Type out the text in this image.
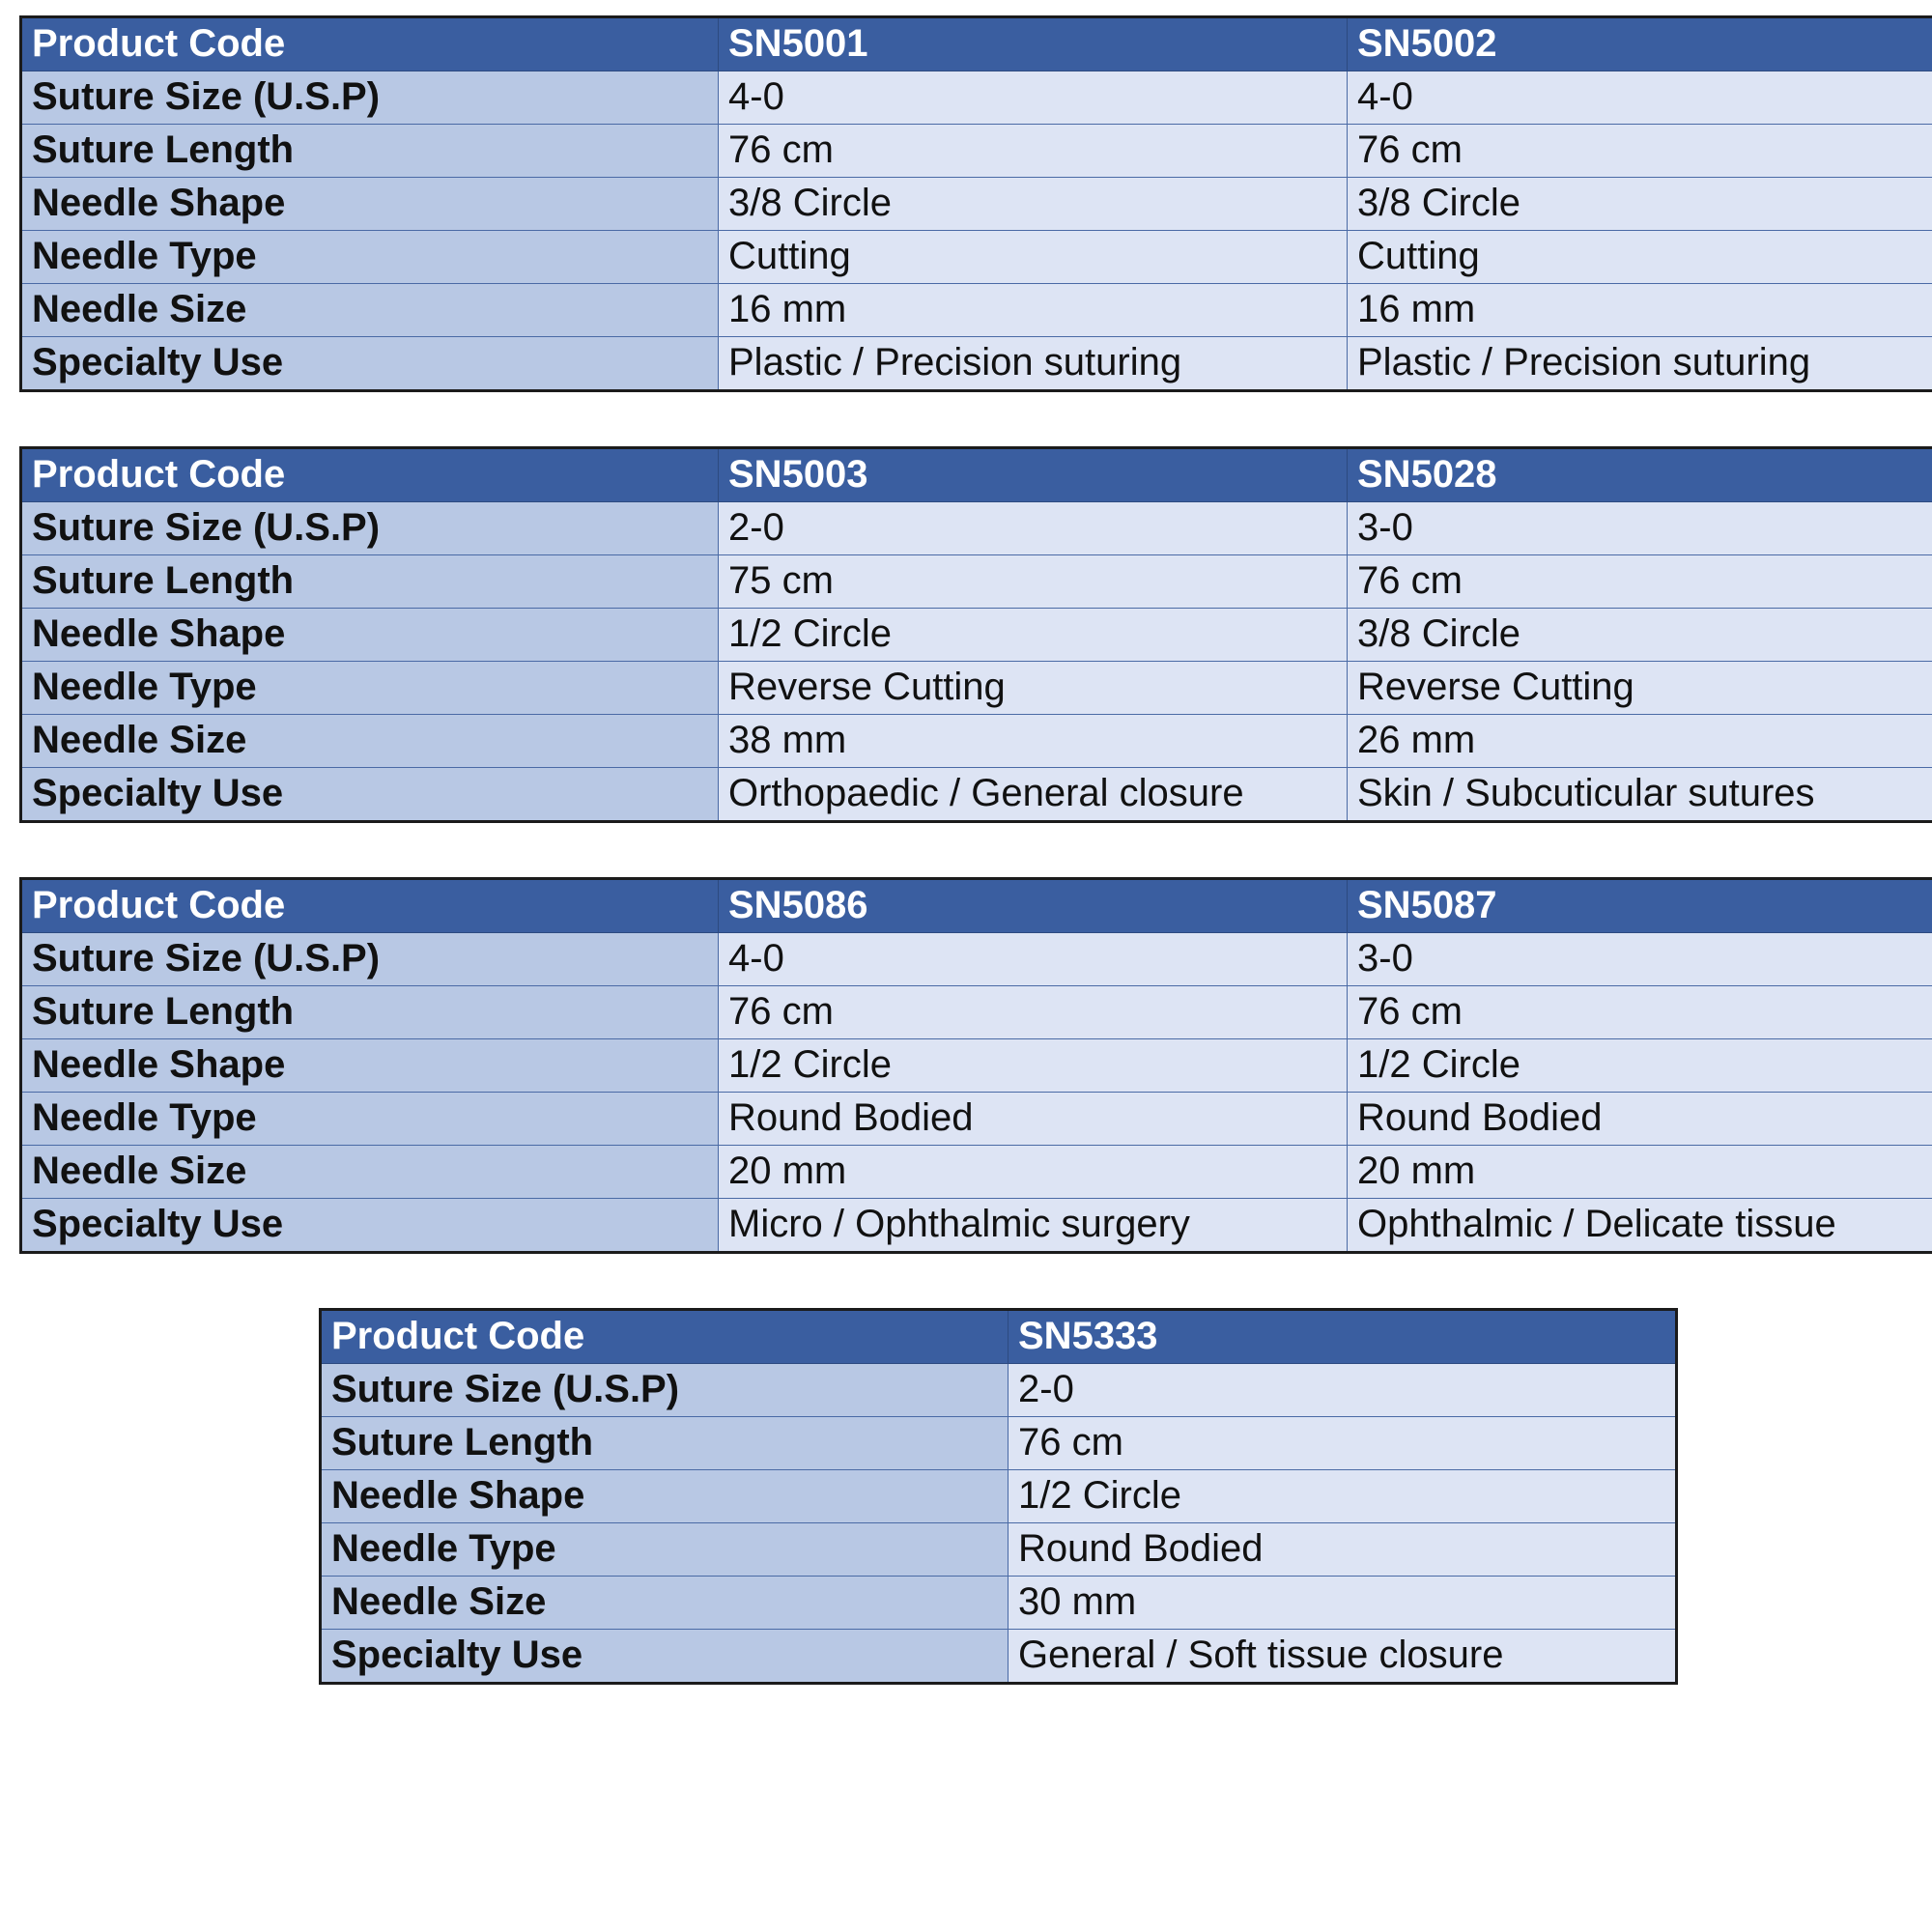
Product Code	SN5001	SN5002
Suture Size (U.S.P)	4-0	4-0
Suture Length	76 cm	76 cm
Needle Shape	3/8 Circle	3/8 Circle
Needle Type	Cutting	Cutting
Needle Size	16 mm	16 mm
Specialty Use	Plastic / Precision suturing	Plastic / Precision suturing
Product Code	SN5003	SN5028
Suture Size (U.S.P)	2-0	3-0
Suture Length	75 cm	76 cm
Needle Shape	1/2 Circle	3/8 Circle
Needle Type	Reverse Cutting	Reverse Cutting
Needle Size	38 mm	26 mm
Specialty Use	Orthopaedic / General closure	Skin / Subcuticular sutures
Product Code	SN5086	SN5087
Suture Size (U.S.P)	4-0	3-0
Suture Length	76 cm	76 cm
Needle Shape	1/2 Circle	1/2 Circle
Needle Type	Round Bodied	Round Bodied
Needle Size	20 mm	20 mm
Specialty Use	Micro / Ophthalmic surgery	Ophthalmic / Delicate tissue
Product Code	SN5333
Suture Size (U.S.P)	2-0
Suture Length	76 cm
Needle Shape	1/2 Circle
Needle Type	Round Bodied
Needle Size	30 mm
Specialty Use	General / Soft tissue closure
